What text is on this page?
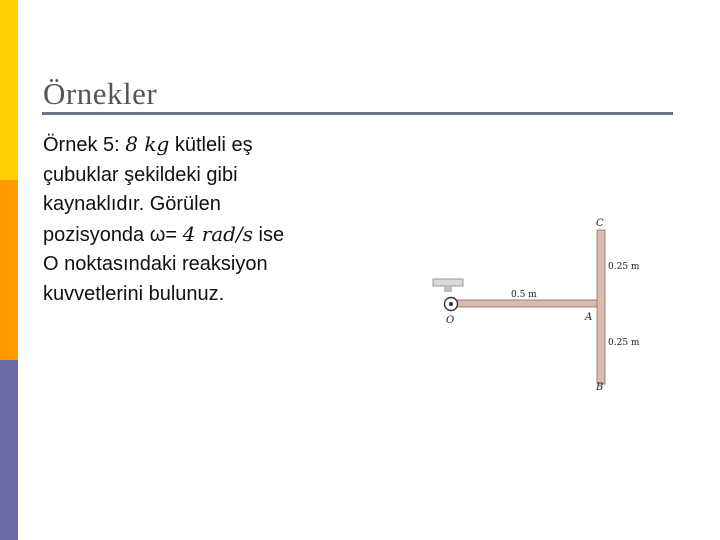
Örnekler
Örnek 5: 8 kg kütleli eş
çubuklar şekildeki gibi
kaynaklıdır. Görülen
pozisyonda ω= 4 rad/s ise
O noktasındaki reaksiyon
kuvvetlerini bulunuz.
O	A
C
B
0.5 m
0.25 m
0.25 m
